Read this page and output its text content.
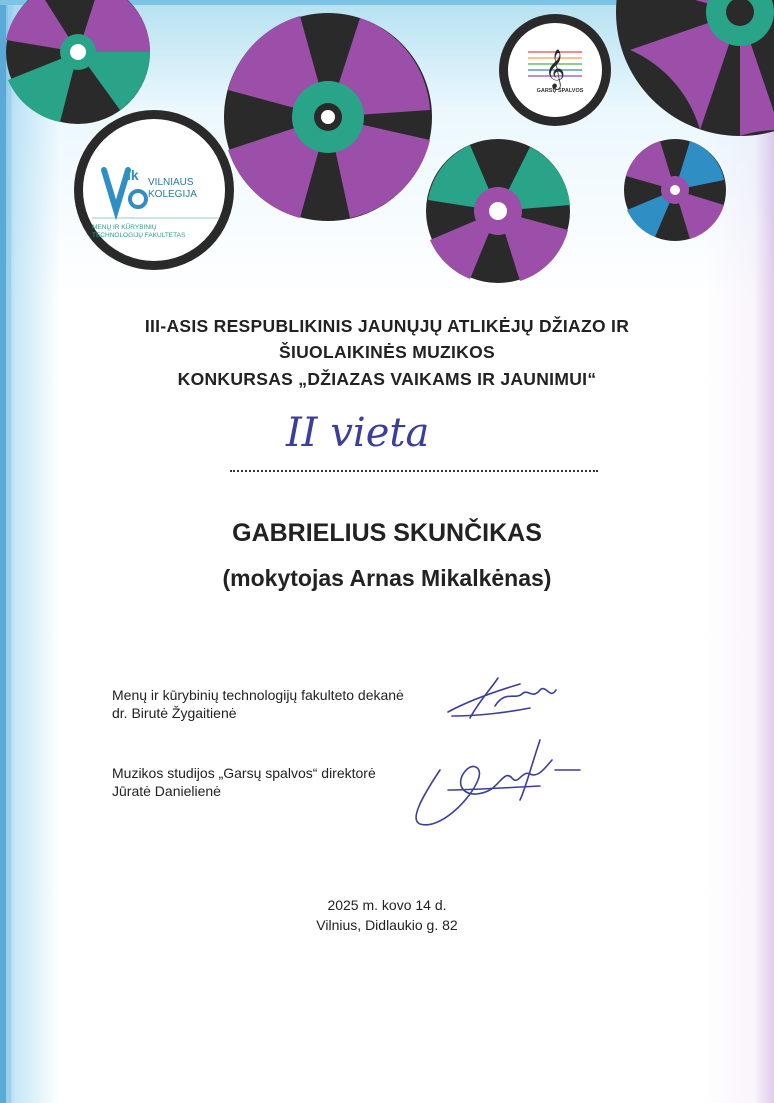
ik
𝄞
VILNIAUS
KOLEGIJA
MENŲ IR KŪRYBINIŲ
TECHNOLOGIJŲ FAKULTETAS
GARSŲ SPALVOS
III-ASIS RESPUBLIKINIS JAUNŲJŲ ATLIKĖJŲ DŽIAZO IR
ŠIUOLAIKINĖS MUZIKOS
KONKURSAS „DŽIAZAS VAIKAMS IR JAUNIMUI“
II vieta
GABRIELIUS SKUNČIKAS
(mokytojas Arnas Mikalkėnas)
Menų ir kūrybinių technologijų fakulteto dekanė
dr. Birutė Žygaitienė
Muzikos studijos „Garsų spalvos“ direktorė
Jūratė Danielienė
2025 m. kovo 14 d.
Vilnius, Didlaukio g. 82
